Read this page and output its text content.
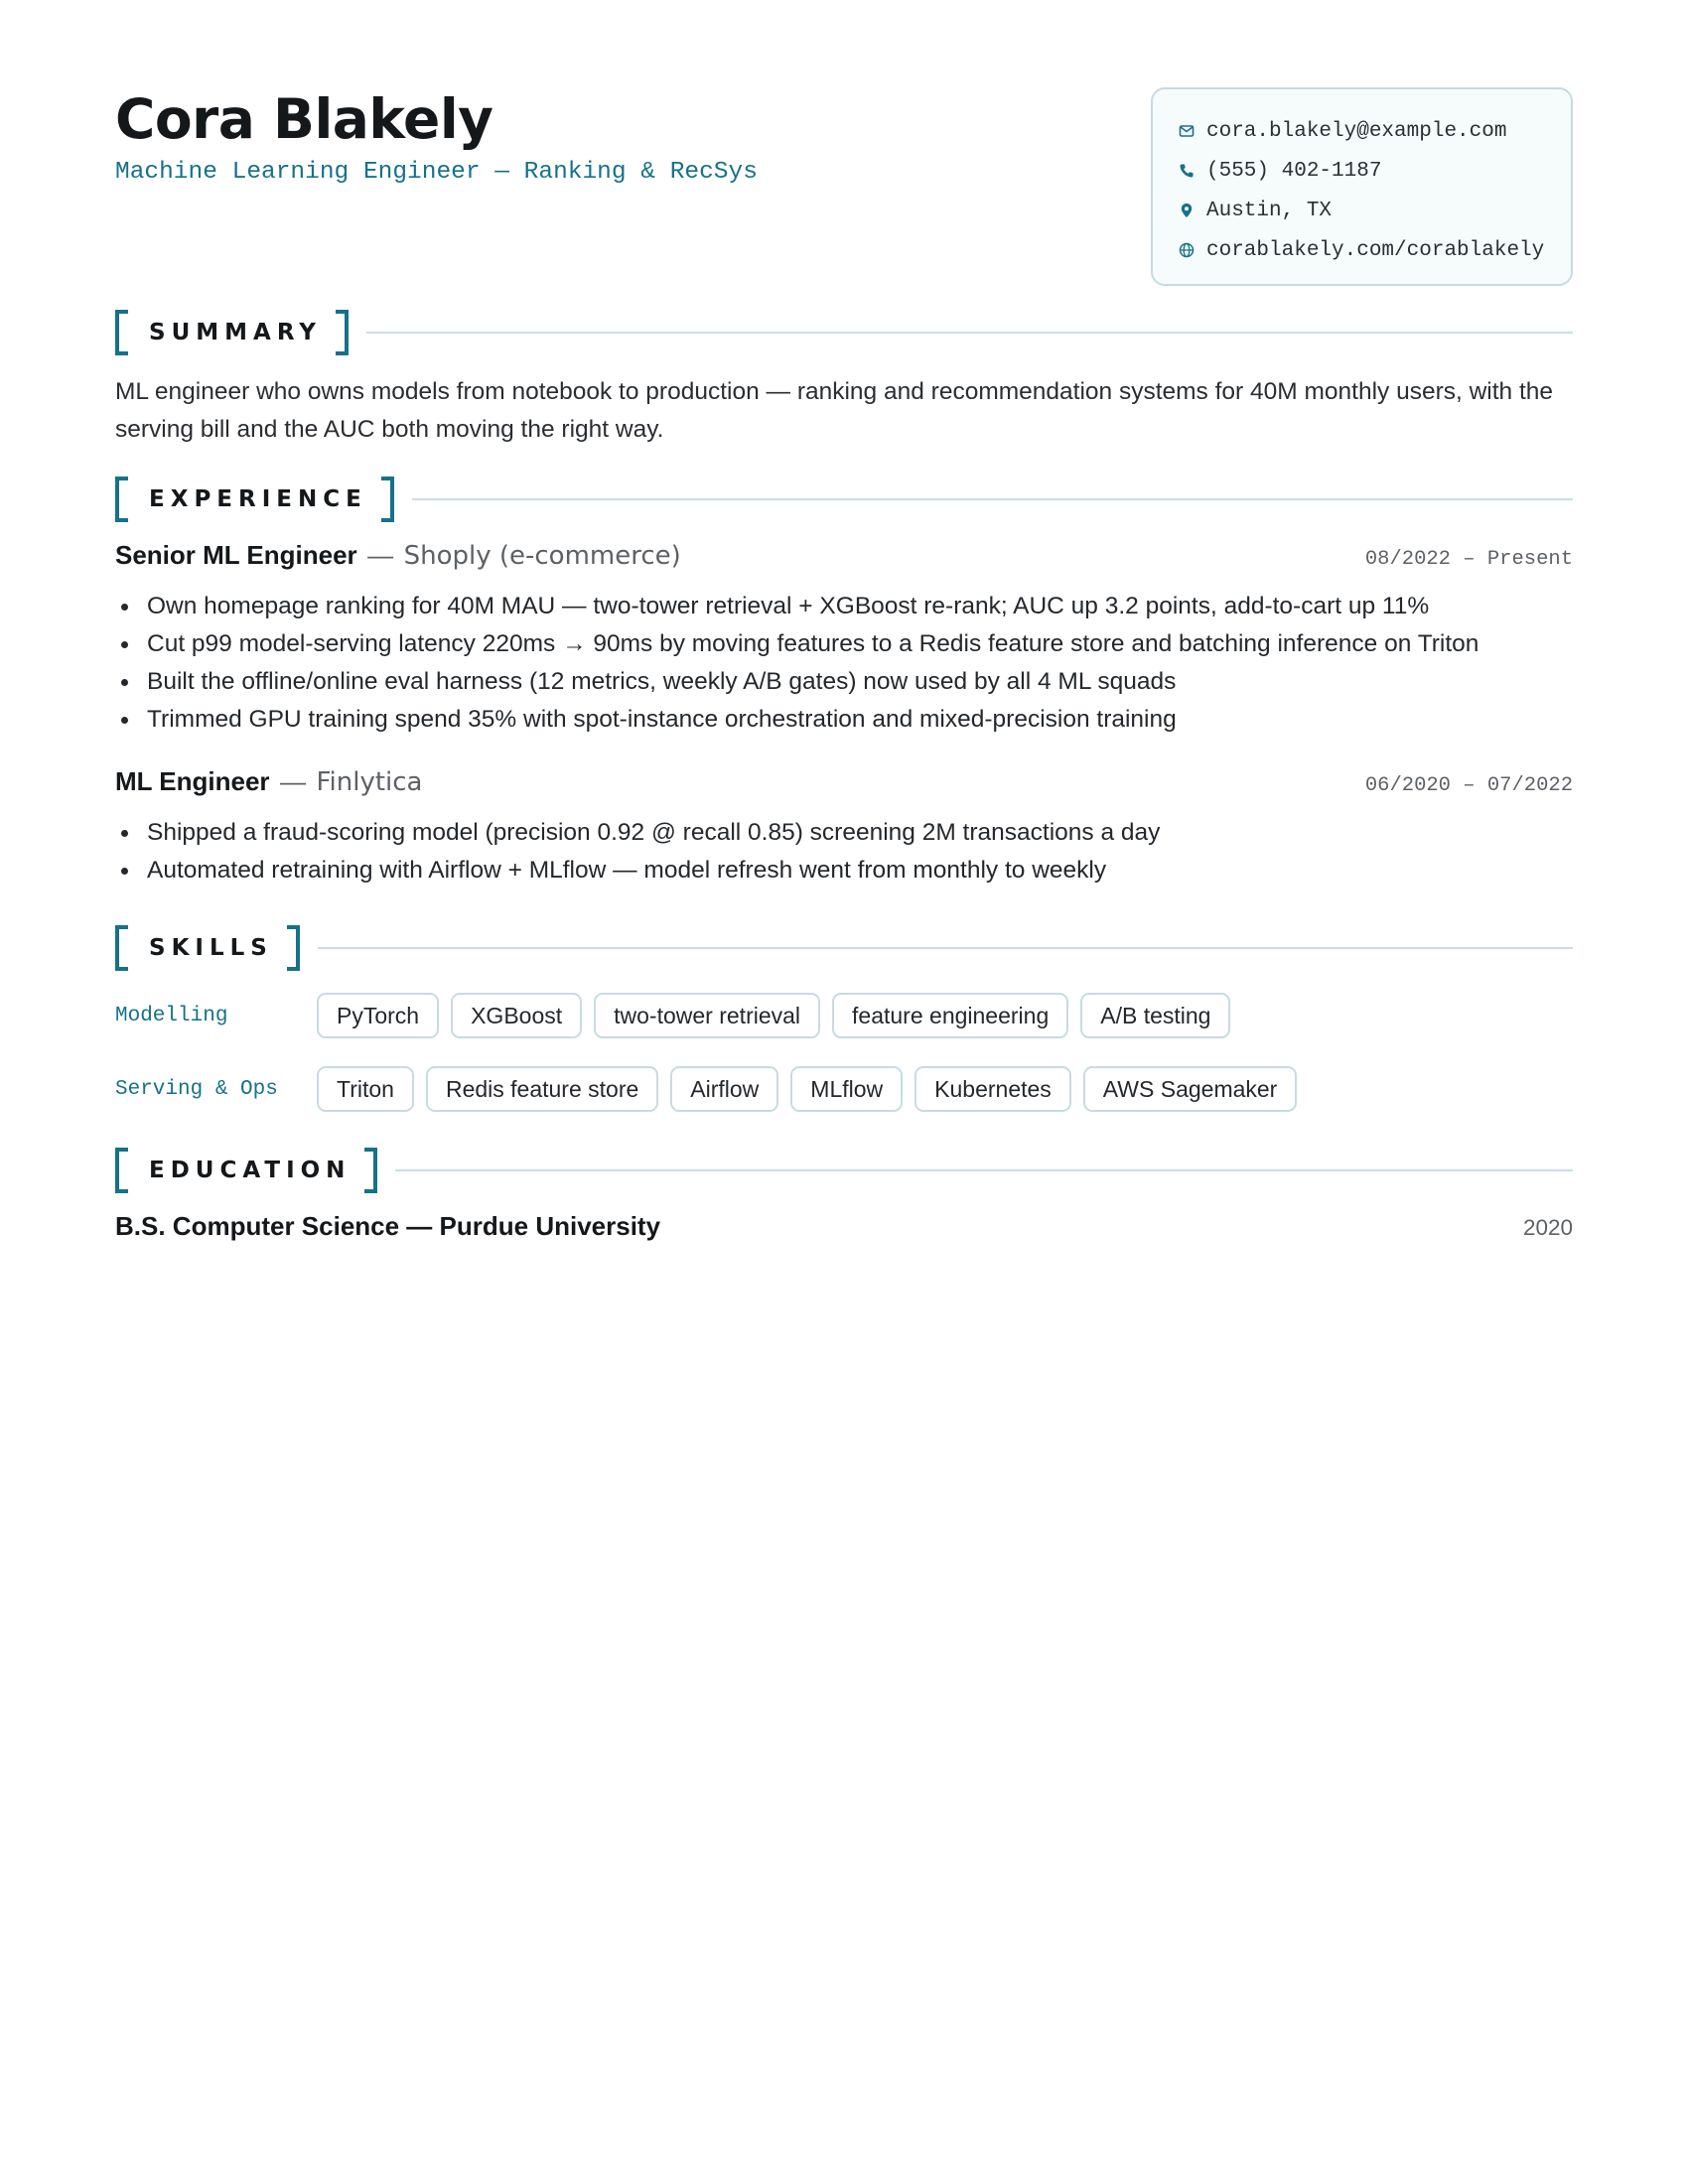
Cora Blakely
Machine Learning Engineer — Ranking & RecSys
cora.blakely@example.com
(555) 402-1187
Austin, TX
corablakely.com/corablakely
SUMMARY

ML engineer who owns models from notebook to production — ranking and recommendation systems for 40M monthly users, with the serving bill and the AUC both moving the right way.

EXPERIENCE
Senior ML Engineer — Shoply (e-commerce)	08/2022 – Present
Own homepage ranking for 40M MAU — two-tower retrieval + XGBoost re-rank; AUC up 3.2 points, add-to-cart up 11%
Cut p99 model-serving latency 220ms → 90ms by moving features to a Redis feature store and batching inference on Triton
Built the offline/online eval harness (12 metrics, weekly A/B gates) now used by all 4 ML squads
Trimmed GPU training spend 35% with spot-instance orchestration and mixed-precision training
ML Engineer — Finlytica	06/2020 – 07/2022
Shipped a fraud-scoring model (precision 0.92 @ recall 0.85) screening 2M transactions a day
Automated retraining with Airflow + MLflow — model refresh went from monthly to weekly
SKILLS
Modelling	PyTorch	XGBoost	two-tower retrieval	feature engineering	A/B testing
Serving & Ops	Triton	Redis feature store	Airflow	MLflow	Kubernetes	AWS Sagemaker
EDUCATION
B.S. Computer Science — Purdue University	2020
